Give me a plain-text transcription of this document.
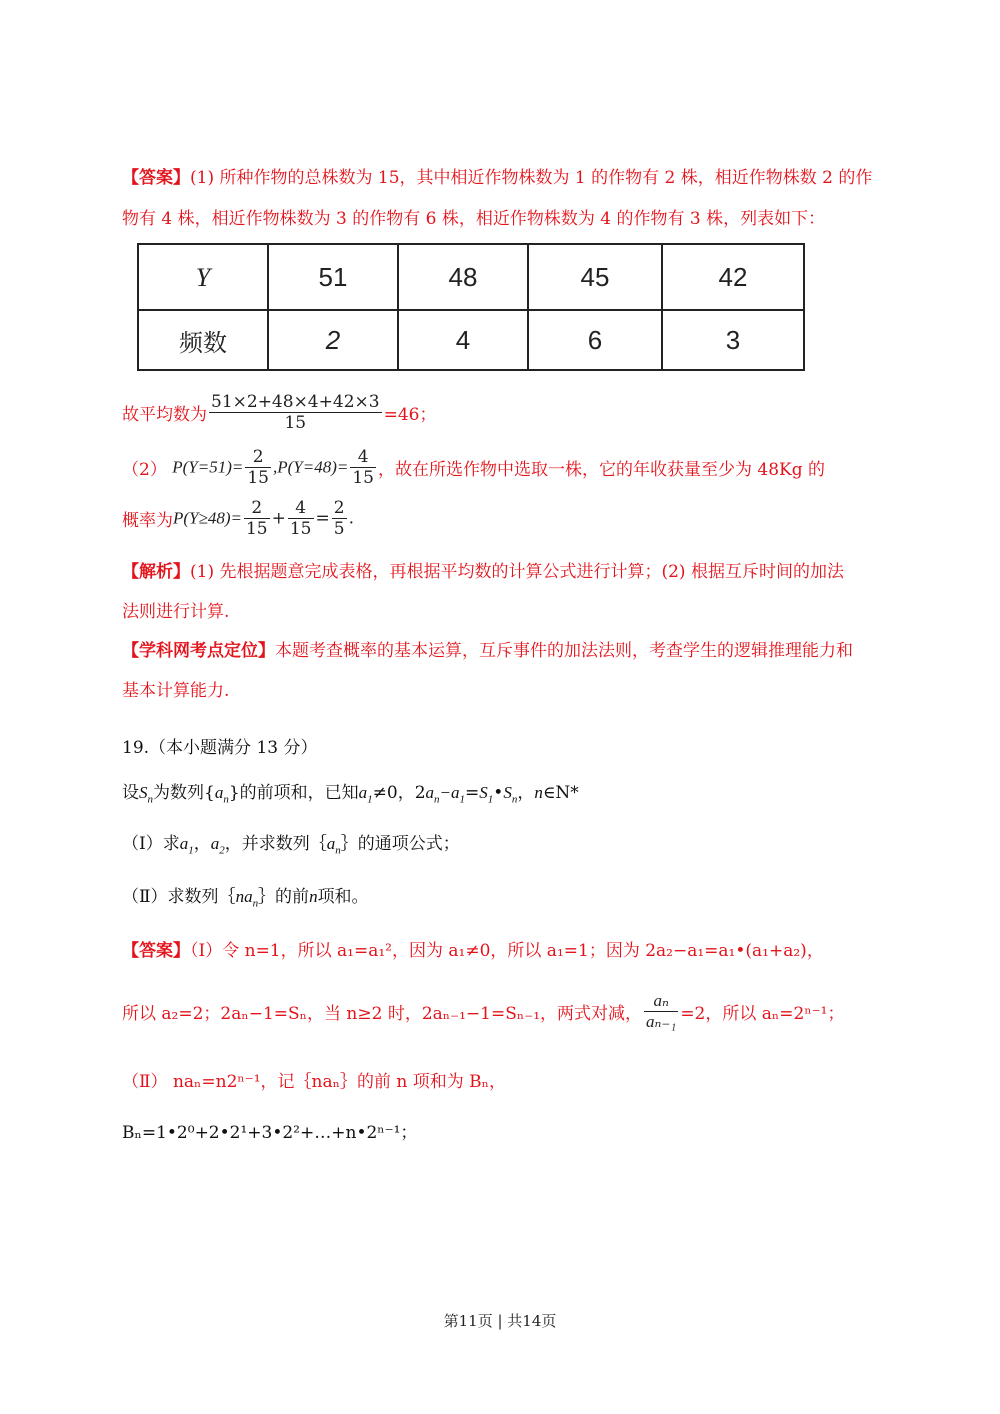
【答案】(1) 所种作物的总株数为 15，其中相近作物株数为 1 的作物有 2 株，相近作物株数 2 的作
物有 4 株，相近作物株数为 3 的作物有 6 株，相近作物株数为 4 的作物有 3 株，列表如下：
Y	51	48	45	42
频数	2	4	6	3
故平均数为 $\frac{51\times 2+48\times 4+42\times 3}{15} =46$；
（2） $P(Y=51)= \frac{2}{15} ,P(Y=48)= \frac{4}{15}$ ，故在所选作物中选取一株，它的年收获量至少为 48Kg 的
概率为$P(Y\ge 48)= \frac{2}{15} + \frac{4}{15} = \frac{2}{5}$ .
【解析】(1) 先根据题意完成表格，再根据平均数的计算公式进行计算；(2) 根据互斥时间的加法
法则进行计算.
【学科网考点定位】本题考查概率的基本运算，互斥事件的加法法则，考查学生的逻辑推理能力和
基本计算能力.
19.（本小题满分 13 分）
设$S_n$为数列$\{a_n\}$的前项和，已知$a_1\ne 0$，$2a_n-a_1=S_1•S_n$，n∈N*
（Ⅰ）求$a_1$，$a_2$，并求数列$\{a_n\}$的通项公式；
（Ⅱ）求数列$\{na_n\}$的前n项和。
【答案】（Ⅰ）令 n=1，所以 a₁=a₁²，因为 a₁≠0，所以 a₁=1；因为 2a₂−a₁=a₁•(a₁+a₂)，
所以 a₂=2；2aₙ−1=Sₙ，当 n≥2 时，2aₙ₋₁−1=Sₙ₋₁，两式对减， $\frac{\text{aₙ}}{\text{aₙ₋₁}} =2$，所以 aₙ=2ⁿ⁻¹；
（Ⅱ） naₙ=n2ⁿ⁻¹，记｛naₙ｝的前 n 项和为 Bₙ，
Bₙ=1•2⁰+2•2¹+3•2²+…+n•2ⁿ⁻¹；
第11页 | 共14页
